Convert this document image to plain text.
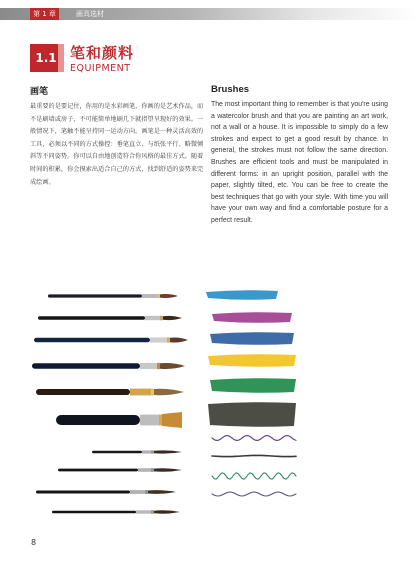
第 1 章	画具选材
1.1 笔和颜料
EQUIPMENT
画笔

最重要的是要记住，你用的是水彩画笔，你画的是艺术作品，而不是刷墙或房子，不可能简单地刷几下就指望呈现好的效果。一般情况下，笔触不能呈持同一运动方向。画笔是一种灵活高效的工具，必须以不同的方式操控：垂笔直立、与纸张平行、略微倾斜等不同姿势。你可以自由地创造符合你风格的最佳方式。随着时间的积累，你会摸索出适合自己的方式，找到舒适的姿势来完成绘画。

Brushes

The most important thing to remember is that you're using a watercolor brush and that you are painting an art work, not a wall or a house. It is impossible to simply do a few strokes and expect to get a good result by chance. In general, the strokes must not follow the same direction. Brushes are efficient tools and must be manipulated in different forms: in an upright position, parallel with the paper, slightly tilted, etc. You can be free to create the best techniques that go with your style. With time you will have your own way and find a comfortable posture for a perfect result.

8
